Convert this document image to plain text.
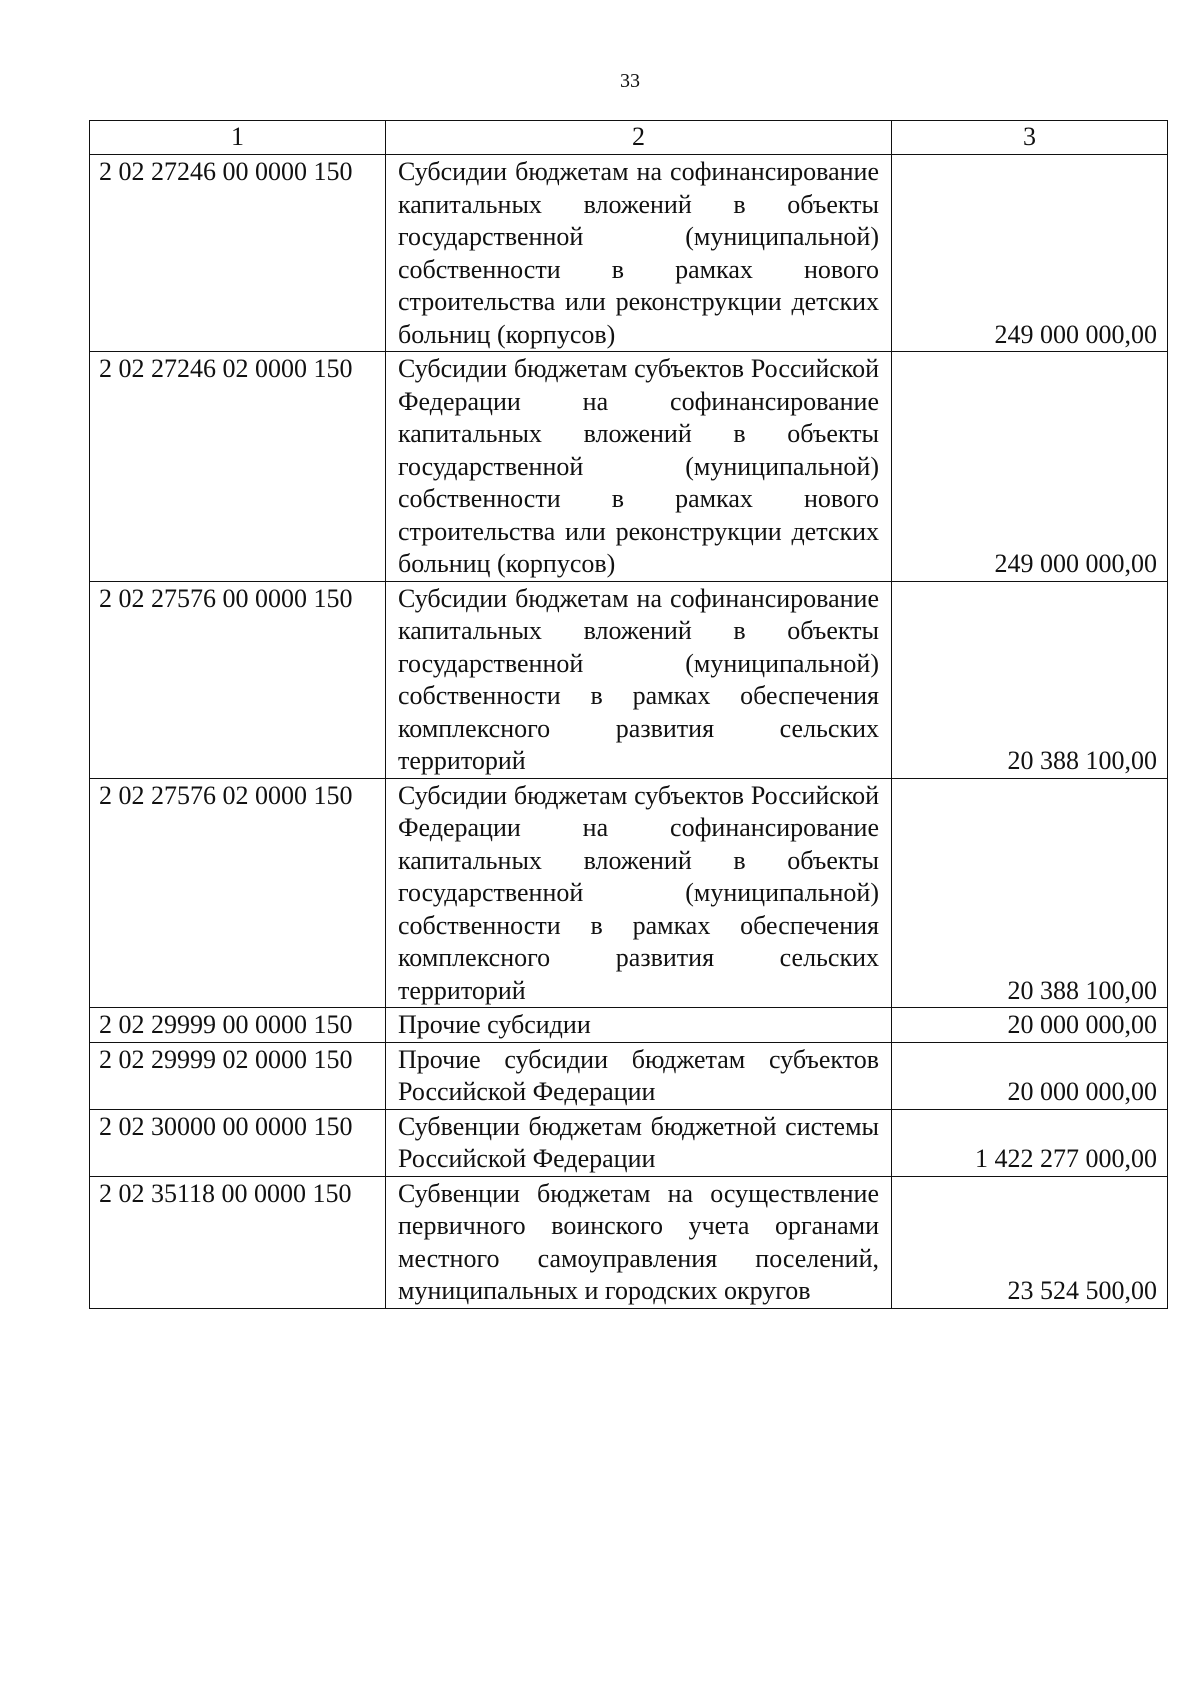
33
1	2	3
2 02 27246 00 0000 150	Субсидии бюджетам на софинансирование капитальных вложений в объекты государственной (муниципальной) собственности в рамках нового строительства или реконструкции детских больниц (корпусов)	249 000 000,00
2 02 27246 02 0000 150	Субсидии бюджетам субъектов Российской Федерации на софинансирование капитальных вложений в объекты государственной (муниципальной) собственности в рамках нового строительства или реконструкции детских больниц (корпусов)	249 000 000,00
2 02 27576 00 0000 150	Субсидии бюджетам на софинансирование капитальных вложений в объекты государственной (муниципальной) собственности в рамках обеспечения комплексного развития сельских территорий	20 388 100,00
2 02 27576 02 0000 150	Субсидии бюджетам субъектов Российской Федерации на софинансирование капитальных вложений в объекты государственной (муниципальной) собственности в рамках обеспечения комплексного развития сельских территорий	20 388 100,00
2 02 29999 00 0000 150	Прочие субсидии	20 000 000,00
2 02 29999 02 0000 150	Прочие субсидии бюджетам субъектов Российской Федерации	20 000 000,00
2 02 30000 00 0000 150	Субвенции бюджетам бюджетной системы Российской Федерации	1 422 277 000,00
2 02 35118 00 0000 150	Субвенции бюджетам на осуществление первичного воинского учета органами местного самоуправления поселений, муниципальных и городских округов	23 524 500,00
